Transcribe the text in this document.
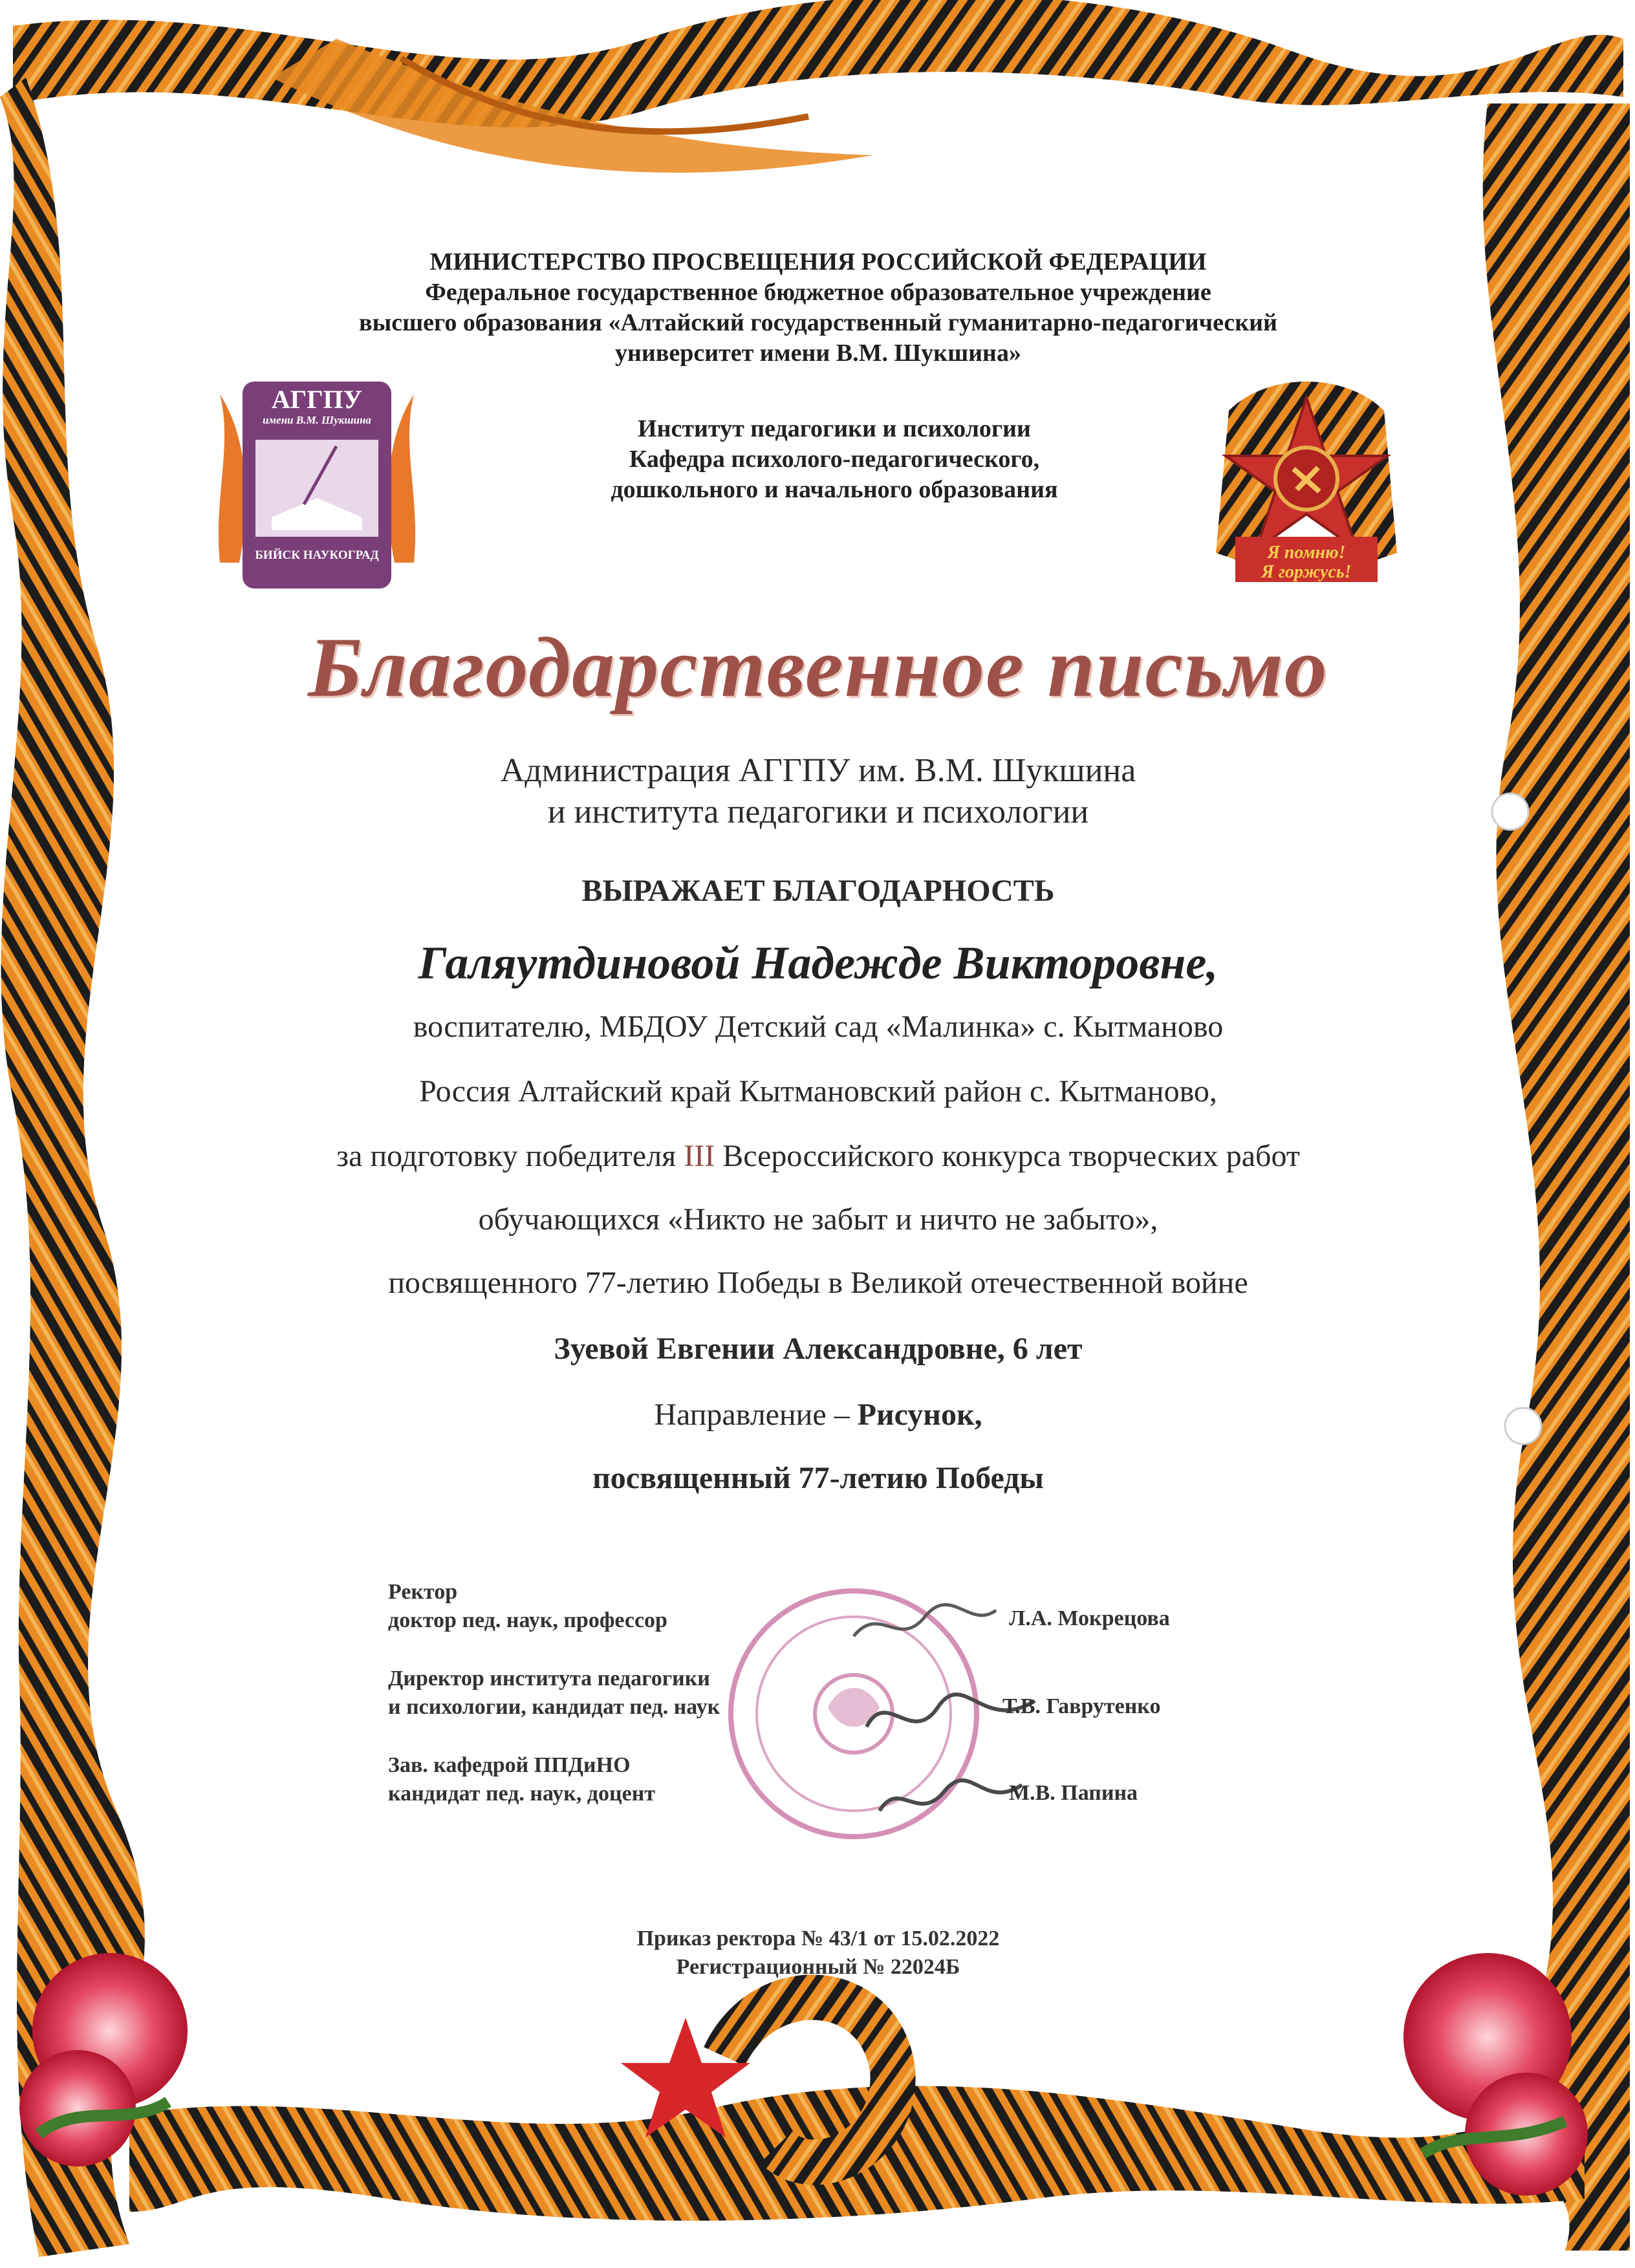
АГГПУ
имени В.М. Шукшина
БИЙСК НАУКОГРАД	Я помню!
Я горжусь!
МИНИСТЕРСТВО ПРОСВЕЩЕНИЯ РОССИЙСКОЙ ФЕДЕРАЦИИ
Федеральное государственное бюджетное образовательное учреждение
высшего образования «Алтайский государственный гуманитарно-педагогический
университет имени В.М. Шукшина»
Институт педагогики и психологии
Кафедра психолого-педагогического,
дошкольного и начального образования
Благодарственное письмо
Администрация АГГПУ им. В.М. Шукшина
и института педагогики и психологии
ВЫРАЖАЕТ БЛАГОДАРНОСТЬ
Галяутдиновой Надежде Викторовне,
воспитателю, МБДОУ Детский сад «Малинка» с. Кытманово
Россия Алтайский край Кытмановский район с. Кытманово,
за подготовку победителя III Всероссийского конкурса творческих работ
обучающихся «Никто не забыт и ничто не забыто»,
посвященного 77-летию Победы в Великой отечественной войне
Зуевой Евгении Александровне, 6 лет
Направление – Рисунок,
посвященный 77-летию Победы
Ректор
доктор пед. наук, профессор	Л.А. Мокрецова
Директор института педагогики
и психологии, кандидат пед. наук	Т.В. Гаврутенко
Зав. кафедрой ППДиНО
кандидат пед. наук, доцент	М.В. Папина
Приказ ректора № 43/1 от 15.02.2022
Регистрационный № 22024Б
